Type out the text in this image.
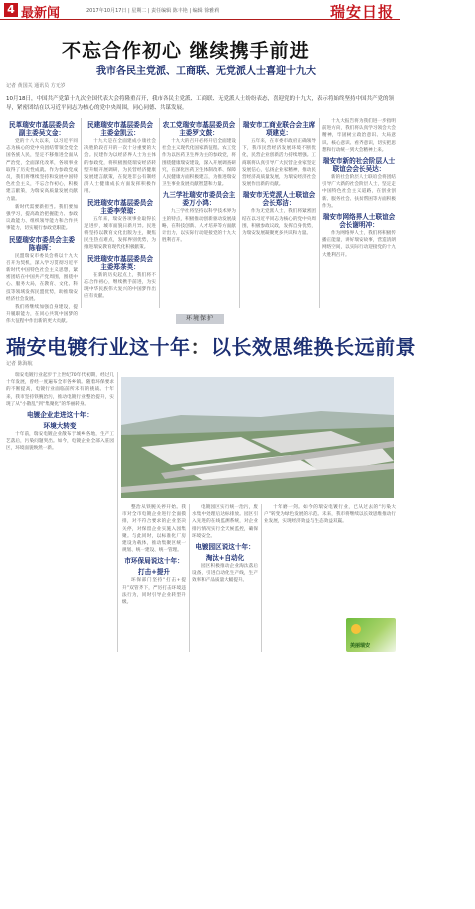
4 最新闻	2017年10月17日 | 星期二 | 责任编辑 陈丰艳 | 编辑 徐雅莉	瑞安日报
不忘合作初心 继续携手前进
我市各民主党派、工商联、无党派人士喜迎十九大
记者 黄国关 通讯员 方无岁
10月18日，中国共产党第十九次全国代表大会将隆重召开，我市各民主党派、工商联、无党派人士纷纷表态，喜迎党的十九大，表示将始终坚持中国共产党的领导，紧密团结在以习近平同志为核心的党中央周围，同心同德、共谋发展。

民革瑞安市基层委员会副主委吴文金：

党的十八大以来，以习近平同志为核心的党中央团结带领全党全国各族人民，坚定不移推进全面从严治党，全面深化改革，各项事业取得了历史性成就。作为参政党成员，我们将继续坚持和发展中国特色社会主义，不忘合作初心，积极建言献策，为瑞安高质量发展贡献力量。

新时代需要新担当。我们要加强学习，提高政治把握能力、参政议政能力、组织领导能力和合作共事能力，切实履行参政党职能。

民盟瑞安市委员会主委陈春晖：

民盟瑞安市委员会将以十九大召开为契机，深入学习贯彻习近平新时代中国特色社会主义思想，紧密团结在中国共产党周围，围绕中心、服务大局，在教育、文化、科技等领域发挥民盟优势，助推瑞安经济社会发展。

我们将继续加强自身建设，提升履职能力，在同心共筑中国梦的伟大征程中作出新的更大贡献。

民建瑞安市基层委员会主委金凯云：

十九大是在全面建成小康社会决胜阶段召开的一次十分重要的大会。民建作为以经济界人士为主体的参政党，将积极围绕瑞安经济转型升级开展调研，为民营经济健康发展建言献策，在促进非公有制经济人士健康成长方面发挥积极作用。

民进瑞安市基层委员会主委李荣琼：

五年来，瑞安各项事业取得长足进步，城市面貌日新月异。民进将坚持以教育文化出版为主，聚焦民生热点难点，发挥界别优势，为推进瑞安教育现代化积极献策。

民进瑞安市基层委员会主委郑茶英：

在新的历史起点上，我们将不忘合作初心，继续携手前进，为实现中华民族伟大复兴的中国梦作出应有贡献。

农工党瑞安市基层委员会主委罗文鼓：

十九大的召开必将开启全面建设社会主义现代化国家新征程。农工党作为以医药卫生界为主的参政党，将围绕健康瑞安建设，深入开展调查研究，在深化医药卫生体制改革、保障人民健康方面积极建言，为推进瑞安卫生事业发展贡献智慧和力量。

九三学社瑞安市委员会主委万小鸿：

九三学社将坚持以科学技术界为主的特点，积极推动创新驱动发展战略，在科技创新、人才培养等方面献计出力，以实际行动迎接党的十九大胜利召开。

瑞安市工商业联合会主席项建克：

五年来，在市委市政府正确领导下，我市民营经济发展环境不断优化，民营企业创新活力持续增强。工商联将认真引导广大民营企业家坚定发展信心，弘扬企业家精神，推动民营经济高质量发展，为瑞安经济社会发展作出新的贡献。

瑞安市无党派人士联谊会会长郑洁：

作为无党派人士，我们将紧密团结在以习近平同志为核心的党中央周围，积极参政议政，发挥自身优势，为瑞安发展凝聚更多共识和力量。

十九大报告将为我们进一步指明前进方向，我们将认真学习领会大会精神，牢固树立政治意识、大局意识、核心意识、看齐意识，切实把思想和行动统一到大会精神上来。

瑞安市新的社会阶层人士联谊会会长吴达：

新的社会阶层人士联谊会将团结引导广大新的社会阶层人士，坚定走中国特色社会主义道路，在创业创新、服务社会、扶贫帮困等方面积极作为。

瑞安市网络界人士联谊会会长谢明冲：

作为网络界人士，我们将积极传播正能量，讲好瑞安故事，营造清朗网络空间，以实际行动迎接党的十九大胜利召开。

环境保护
瑞安电镀行业这十年：以长效思维换长远前景
记者 陈海航

瑞安电镀行业起步于上世纪70年代初期，经过几十年发展，曾经一度遍布全市各乡镇。随着环保要求的不断提高，电镀行业面临前所未有的挑战。十年来，我市坚持铁腕治污，推动电镀行业整治提升，实现了从“小散乱”到“集聚化”的华丽转身。

电镀企业走进这十年：

环境大转变

十年前，瑞安电镀企业散布于城乡各地，生产工艺落后，污染问题突出。如今，电镀企业全部入驻园区，环境面貌焕然一新。

电镀园区效果图

整治从铁腕关停开始。我市对全市电镀企业进行全面摸排，对不符合要求的企业坚决关停，对保留企业实施入园集聚。与此同时，以标准化厂房建设为载体，推动集聚区统一规划、统一建设、统一管理。

市环保局说这十年：

打击+提升

环保部门坚持“打击+提升”双管齐下，严厉打击环境违法行为，同时引导企业转型升级。

电镀园区实行统一治污，废水集中处理后达标排放。园区引入先进的在线监测系统，对企业排污情况实行全天候监控，确保环境安全。

电镀园区说这十年：

淘汰+自动化

园区积极推动企业淘汰落后设备，引进自动化生产线，生产效率和产品质量大幅提升。

十年磨一剑。如今的瑞安电镀行业，已从过去的“污染大户”转变为绿色发展的示范。未来，我市将继续以长效思维推动行业发展，实现经济效益与生态效益双赢。

美丽瑞安
